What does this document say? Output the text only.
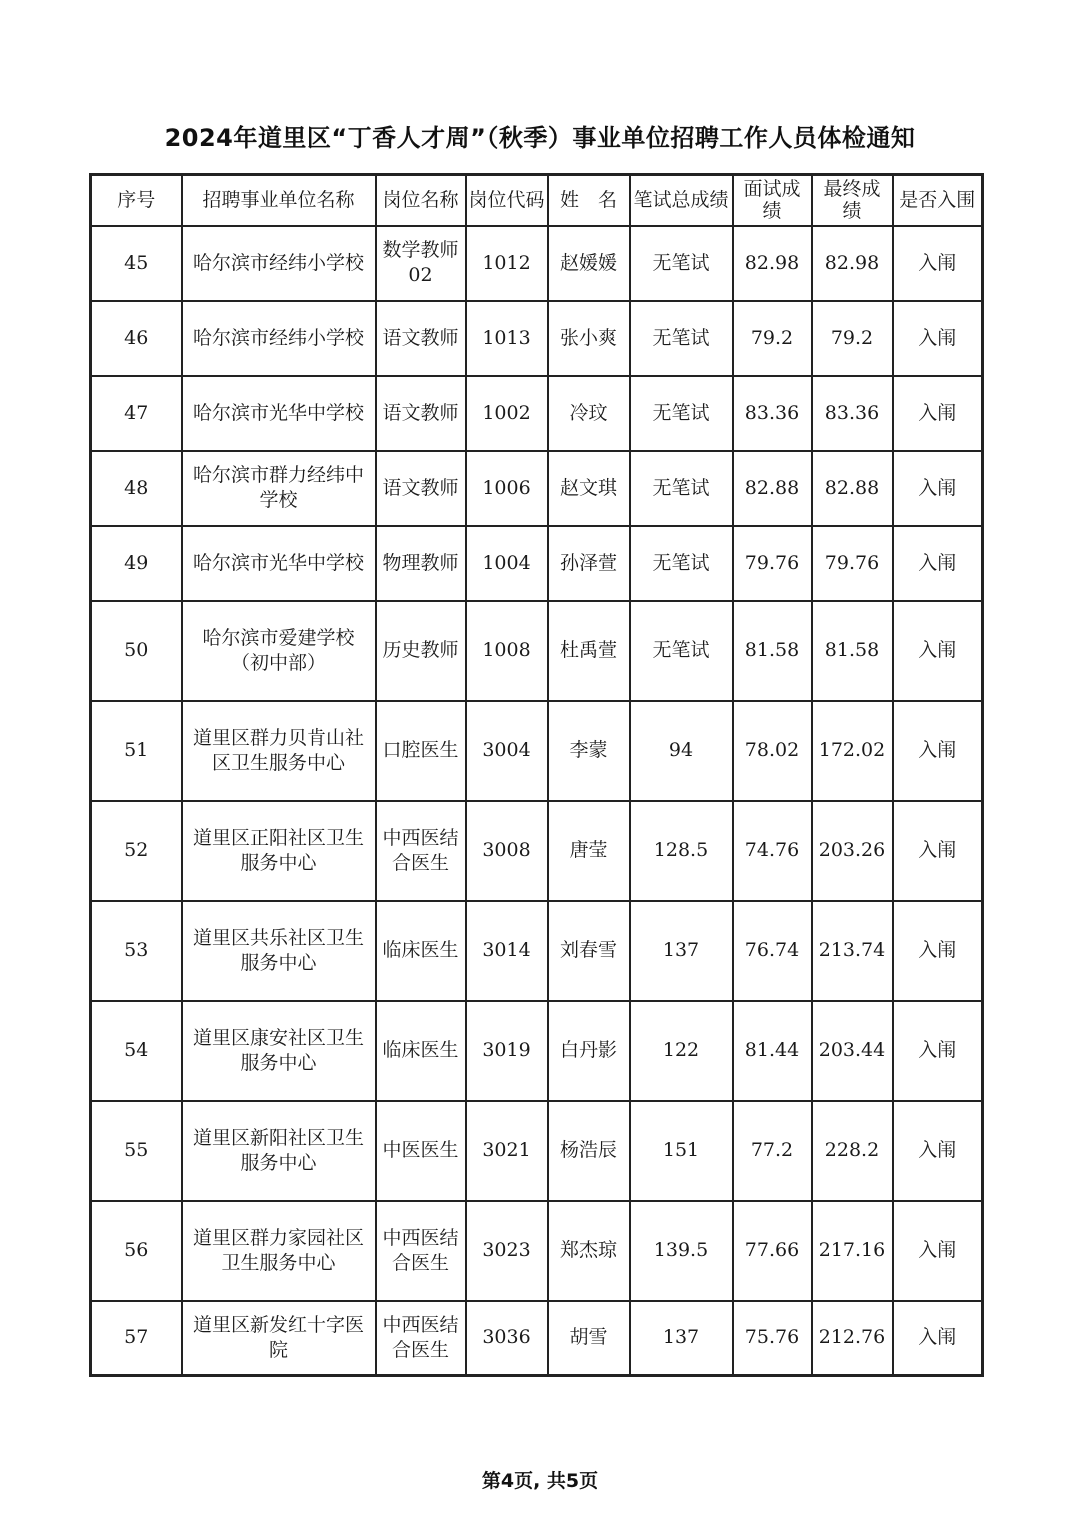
2024年道里区“丁香人才周”（秋季）事业单位招聘工作人员体检通知
序号	招聘事业单位名称	岗位名称	岗位代码	姓　名	笔试总成绩	面试成绩	最终成绩	是否入围
45	哈尔滨市经纬小学校	数学教师02	1012	赵媛媛	无笔试	82.98	82.98	入闱
46	哈尔滨市经纬小学校	语文教师	1013	张小爽	无笔试	79.2	79.2	入闱
47	哈尔滨市光华中学校	语文教师	1002	冷玟	无笔试	83.36	83.36	入闱
48	哈尔滨市群力经纬中学校	语文教师	1006	赵文琪	无笔试	82.88	82.88	入闱
49	哈尔滨市光华中学校	物理教师	1004	孙泽萱	无笔试	79.76	79.76	入闱
50	哈尔滨市爱建学校（初中部）	历史教师	1008	杜禹萱	无笔试	81.58	81.58	入闱
51	道里区群力贝肯山社区卫生服务中心	口腔医生	3004	李蒙	94	78.02	172.02	入闱
52	道里区正阳社区卫生服务中心	中西医结合医生	3008	唐莹	128.5	74.76	203.26	入闱
53	道里区共乐社区卫生服务中心	临床医生	3014	刘春雪	137	76.74	213.74	入闱
54	道里区康安社区卫生服务中心	临床医生	3019	白丹影	122	81.44	203.44	入闱
55	道里区新阳社区卫生服务中心	中医医生	3021	杨浩辰	151	77.2	228.2	入闱
56	道里区群力家园社区卫生服务中心	中西医结合医生	3023	郑杰琼	139.5	77.66	217.16	入闱
57	道里区新发红十字医院	中西医结合医生	3036	胡雪	137	75.76	212.76	入闱
第4页, 共5页
